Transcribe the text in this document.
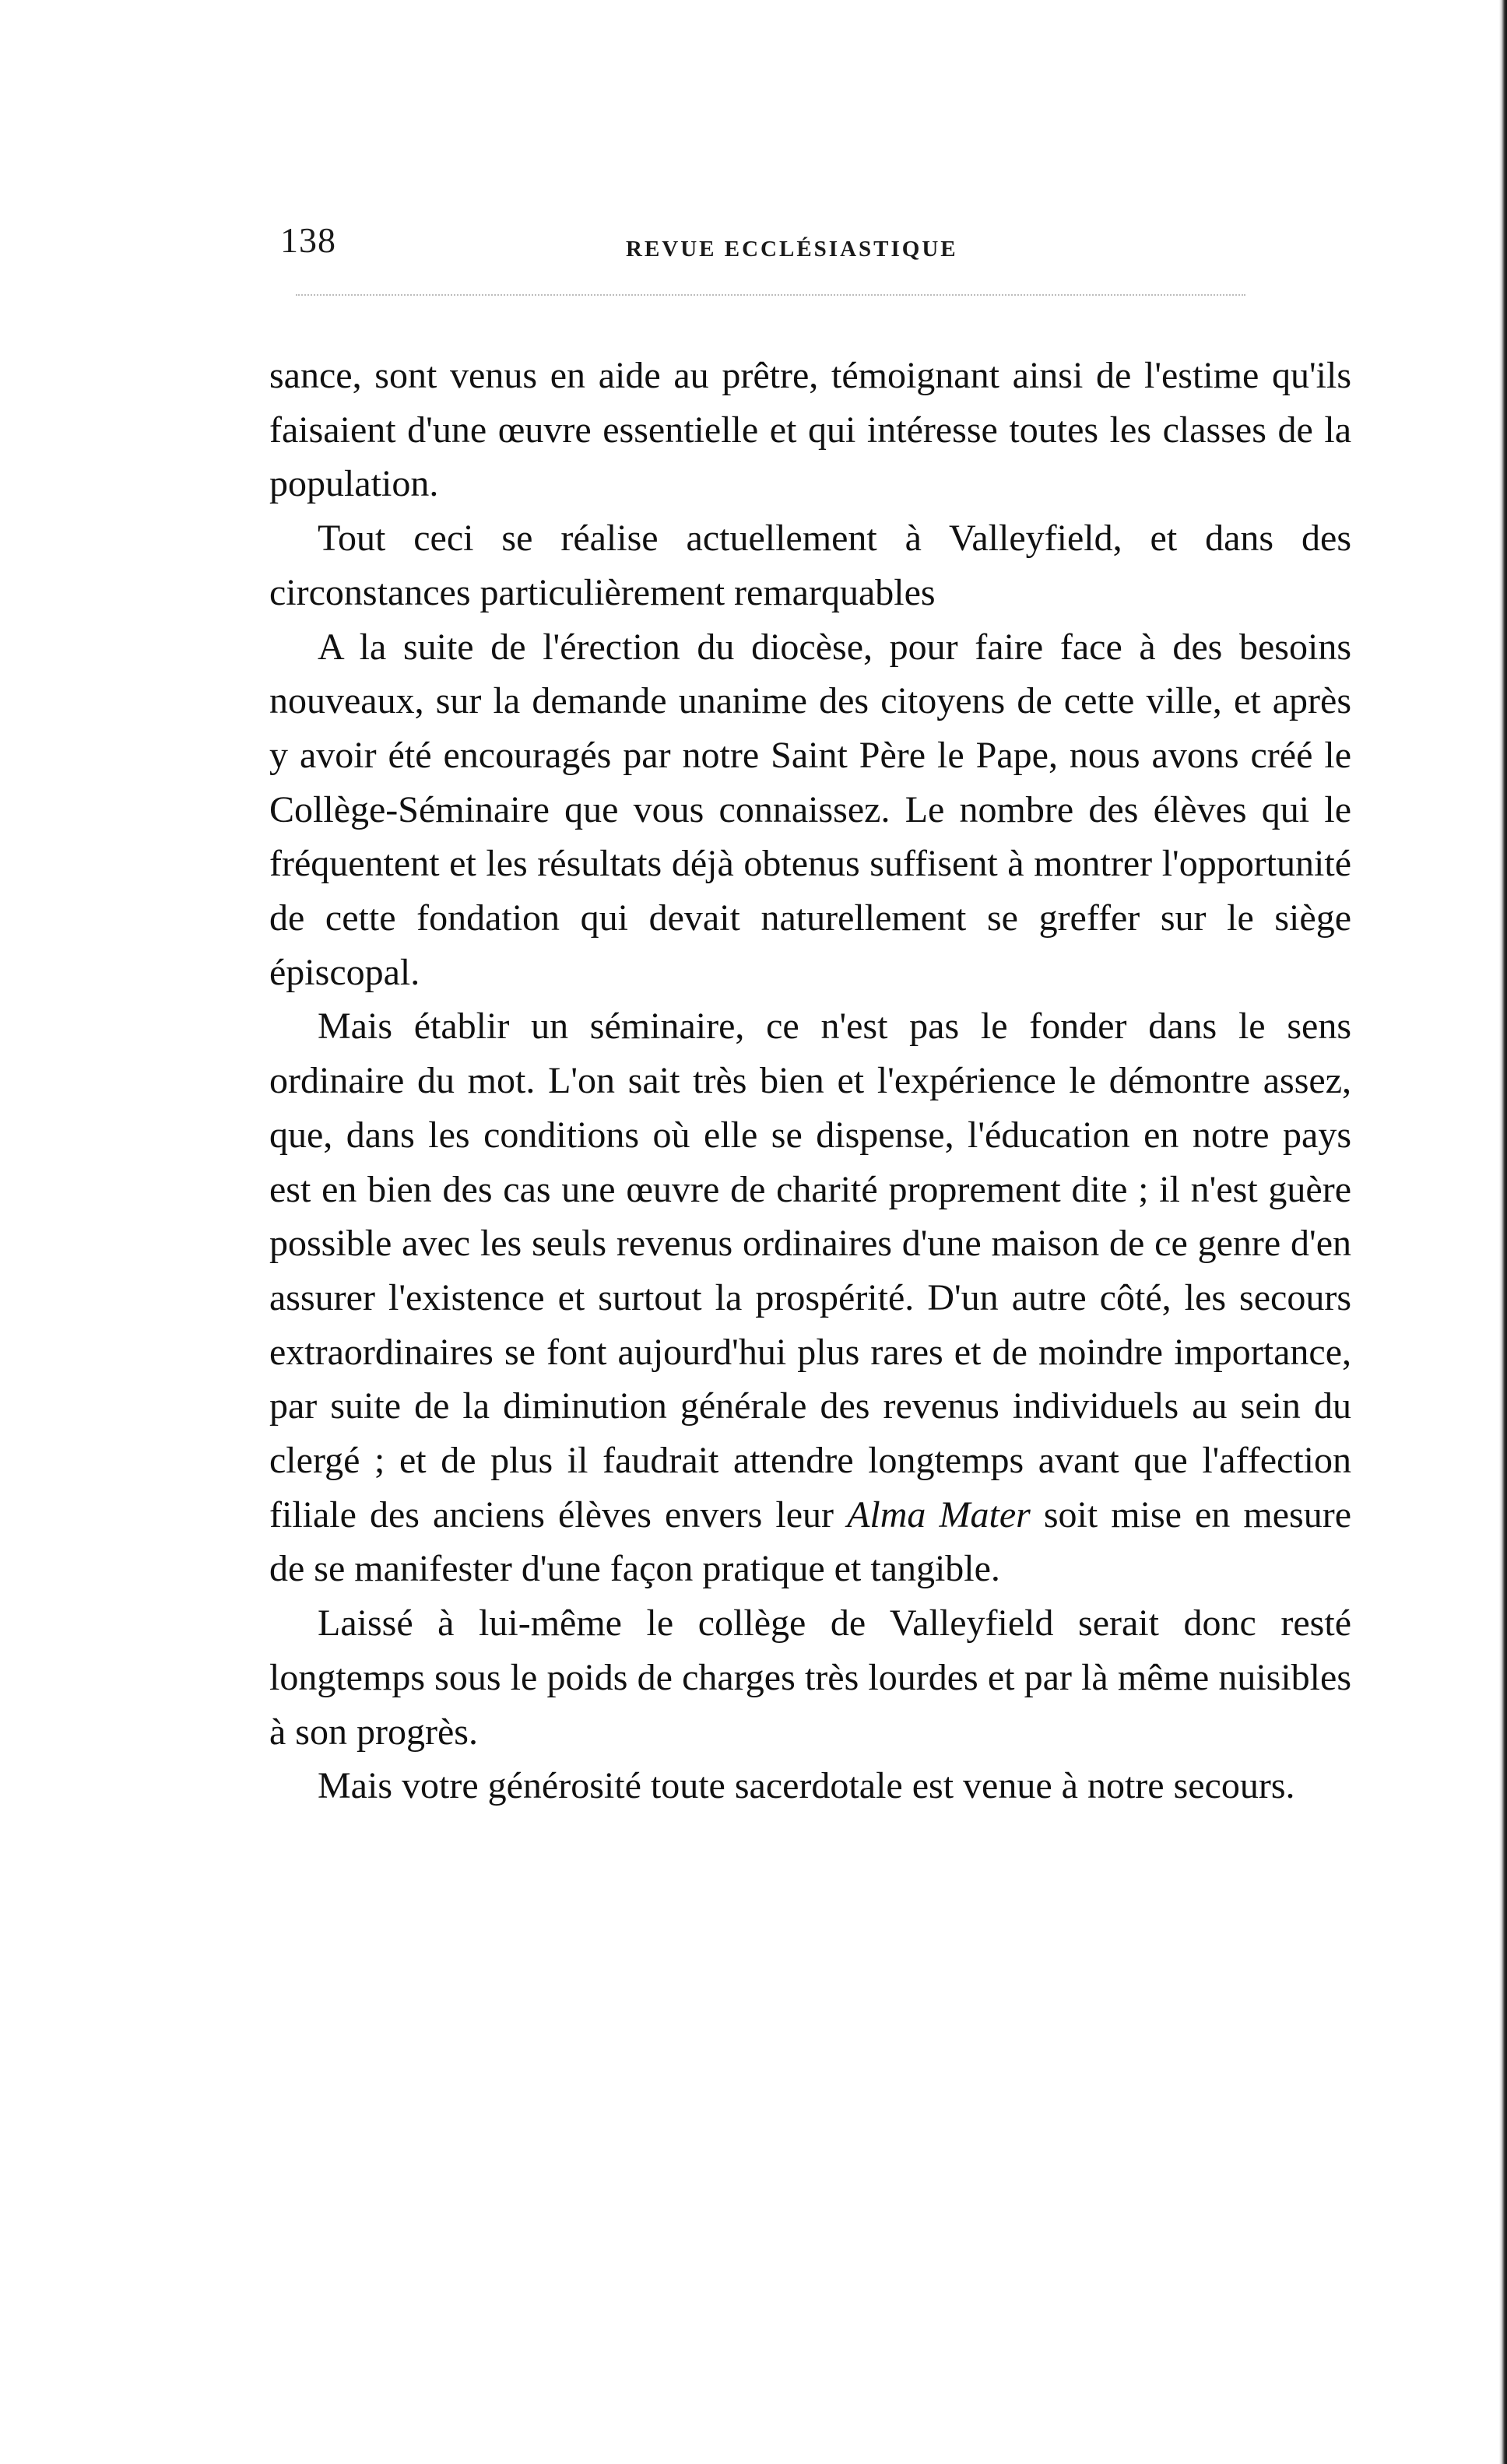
138	REVUE ECCLÉSIASTIQUE

sance, sont venus en aide au prêtre, témoignant ainsi de l'estime qu'ils faisaient d'une œuvre essentielle et qui intéresse toutes les classes de la population.

Tout ceci se réalise actuellement à Valleyfield, et dans des circonstances particulièrement remarquables

A la suite de l'érection du diocèse, pour faire face à des besoins nouveaux, sur la demande unanime des citoyens de cette ville, et après y avoir été encouragés par notre Saint Père le Pape, nous avons créé le Collège-Séminaire que vous connaissez. Le nombre des élèves qui le fréquentent et les résultats déjà obtenus suffisent à montrer l'opportunité de cette fondation qui devait naturellement se greffer sur le siège épiscopal.

Mais établir un séminaire, ce n'est pas le fonder dans le sens ordinaire du mot. L'on sait très bien et l'expérience le démontre assez, que, dans les conditions où elle se dispense, l'éducation en notre pays est en bien des cas une œuvre de charité proprement dite ; il n'est guère possible avec les seuls revenus ordinaires d'une maison de ce genre d'en assurer l'existence et surtout la prospérité. D'un autre côté, les secours extraordinaires se font aujourd'hui plus rares et de moindre importance, par suite de la diminution générale des revenus individuels au sein du clergé ; et de plus il faudrait attendre longtemps avant que l'affection filiale des anciens élèves envers leur Alma Mater soit mise en mesure de se manifester d'une façon pratique et tangible.

Laissé à lui-même le collège de Valleyfield serait donc resté longtemps sous le poids de charges très lourdes et par là même nuisibles à son progrès.

Mais votre générosité toute sacerdotale est venue à notre secours.
